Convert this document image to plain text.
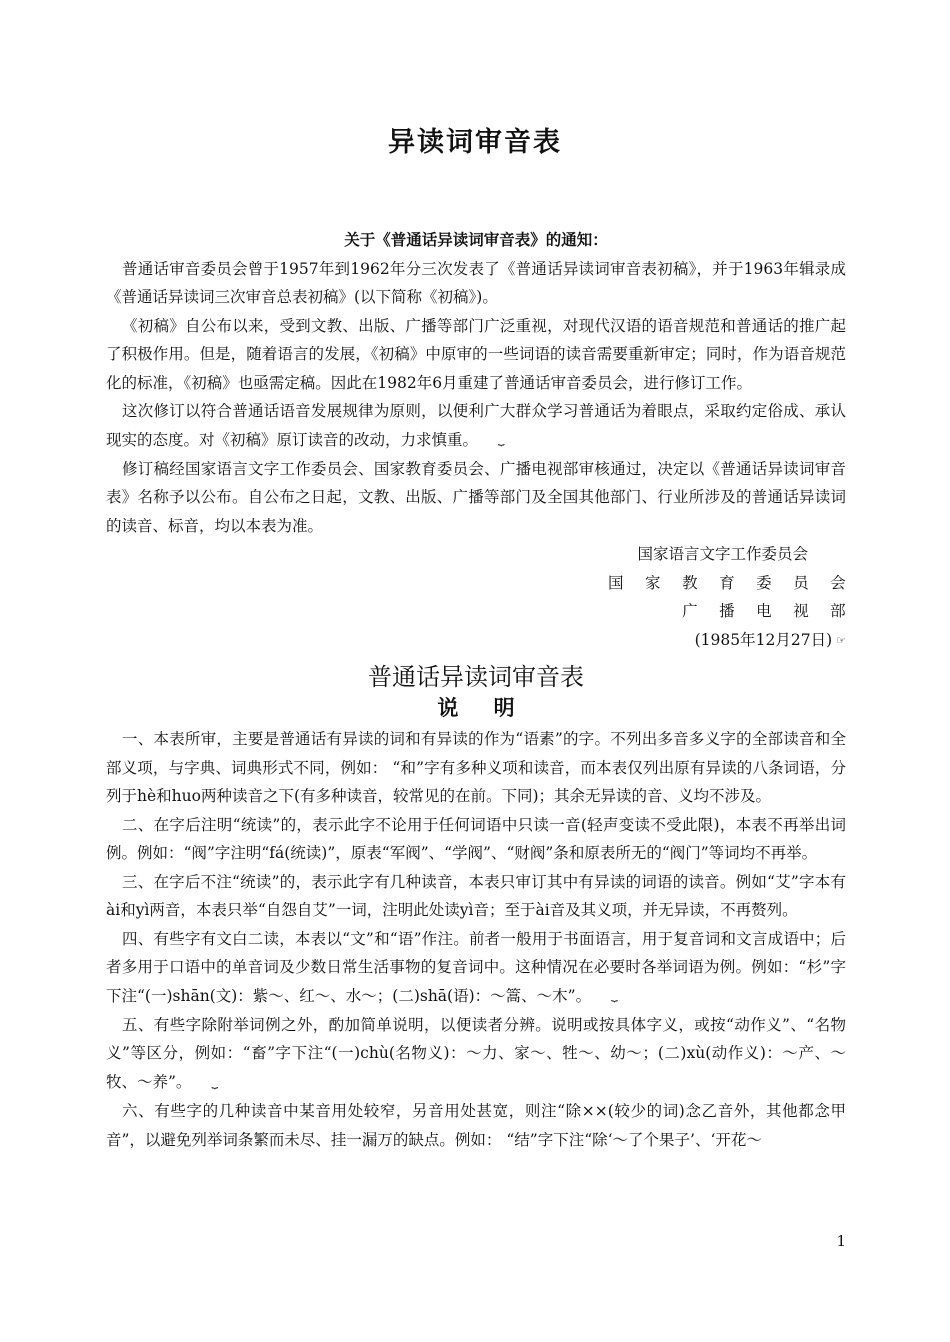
异读词审音表

关于《普通话异读词审音表》的通知：

普通话审音委员会曾于1957年到1962年分三次发表了《普通话异读词审音表初稿》，并于1963年辑录成《普通话异读词三次审音总表初稿》(以下简称《初稿》)。

《初稿》自公布以来，受到文教、出版、广播等部门广泛重视，对现代汉语的语音规范和普通话的推广起了积极作用。但是，随着语言的发展，《初稿》中原审的一些词语的读音需要重新审定；同时，作为语音规范化的标准，《初稿》也亟需定稿。因此在1982年6月重建了普通话审音委员会，进行修订工作。

这次修订以符合普通话语音发展规律为原则，以便利广大群众学习普通话为着眼点，采取约定俗成、承认现实的态度。对《初稿》原订读音的改动，力求慎重。 ⏟

修订稿经国家语言文字工作委员会、国家教育委员会、广播电视部审核通过，决定以《普通话异读词审音表》名称予以公布。自公布之日起，文教、出版、广播等部门及全国其他部门、行业所涉及的普通话异读词的读音、标音，均以本表为准。

国家语言文字工作委员会

国 家 教 育 委 员 会

广 播 电 视 部

(1985年12月27日) ☞

普通话异读词审音表
说 明

一、本表所审，主要是普通话有异读的词和有异读的作为“语素”的字。不列出多音多义字的全部读音和全部义项，与字典、词典形式不同，例如： “和”字有多种义项和读音，而本表仅列出原有异读的八条词语，分列于hè和huo两种读音之下(有多种读音，较常见的在前。下同)；其余无异读的音、义均不涉及。

二、在字后注明“统读”的，表示此字不论用于任何词语中只读一音(轻声变读不受此限)，本表不再举出词例。例如：“阀”字注明“fá(统读)”，原表“军阀”、“学阀”、“财阀”条和原表所无的“阀门”等词均不再举。

三、在字后不注“统读”的，表示此字有几种读音，本表只审订其中有异读的词语的读音。例如“艾”字本有ài和yì两音，本表只举“自怨自艾”一词，注明此处读yì音；至于ài音及其义项，并无异读，不再赘列。

四、有些字有文白二读，本表以“文”和“语”作注。前者一般用于书面语言，用于复音词和文言成语中；后者多用于口语中的单音词及少数日常生活事物的复音词中。这种情况在必要时各举词语为例。例如：“杉”字下注“(一)shān(文)：紫～、红～、水～；(二)shā(语)：～篙、～木”。 ⏟

五、有些字除附举词例之外，酌加简单说明，以便读者分辨。说明或按具体字义，或按“动作义”、“名物义”等区分，例如：“畜”字下注“(一)chù(名物义)：～力、家～、牲～、幼～；(二)xù(动作义)：～产、～牧、～养”。 ⏟

六、有些字的几种读音中某音用处较窄，另音用处甚宽，则注“除××(较少的词)念乙音外，其他都念甲音”，以避免列举词条繁而未尽、挂一漏万的缺点。例如： “结”字下注“除‘～了个果子’、‘开花～

1
